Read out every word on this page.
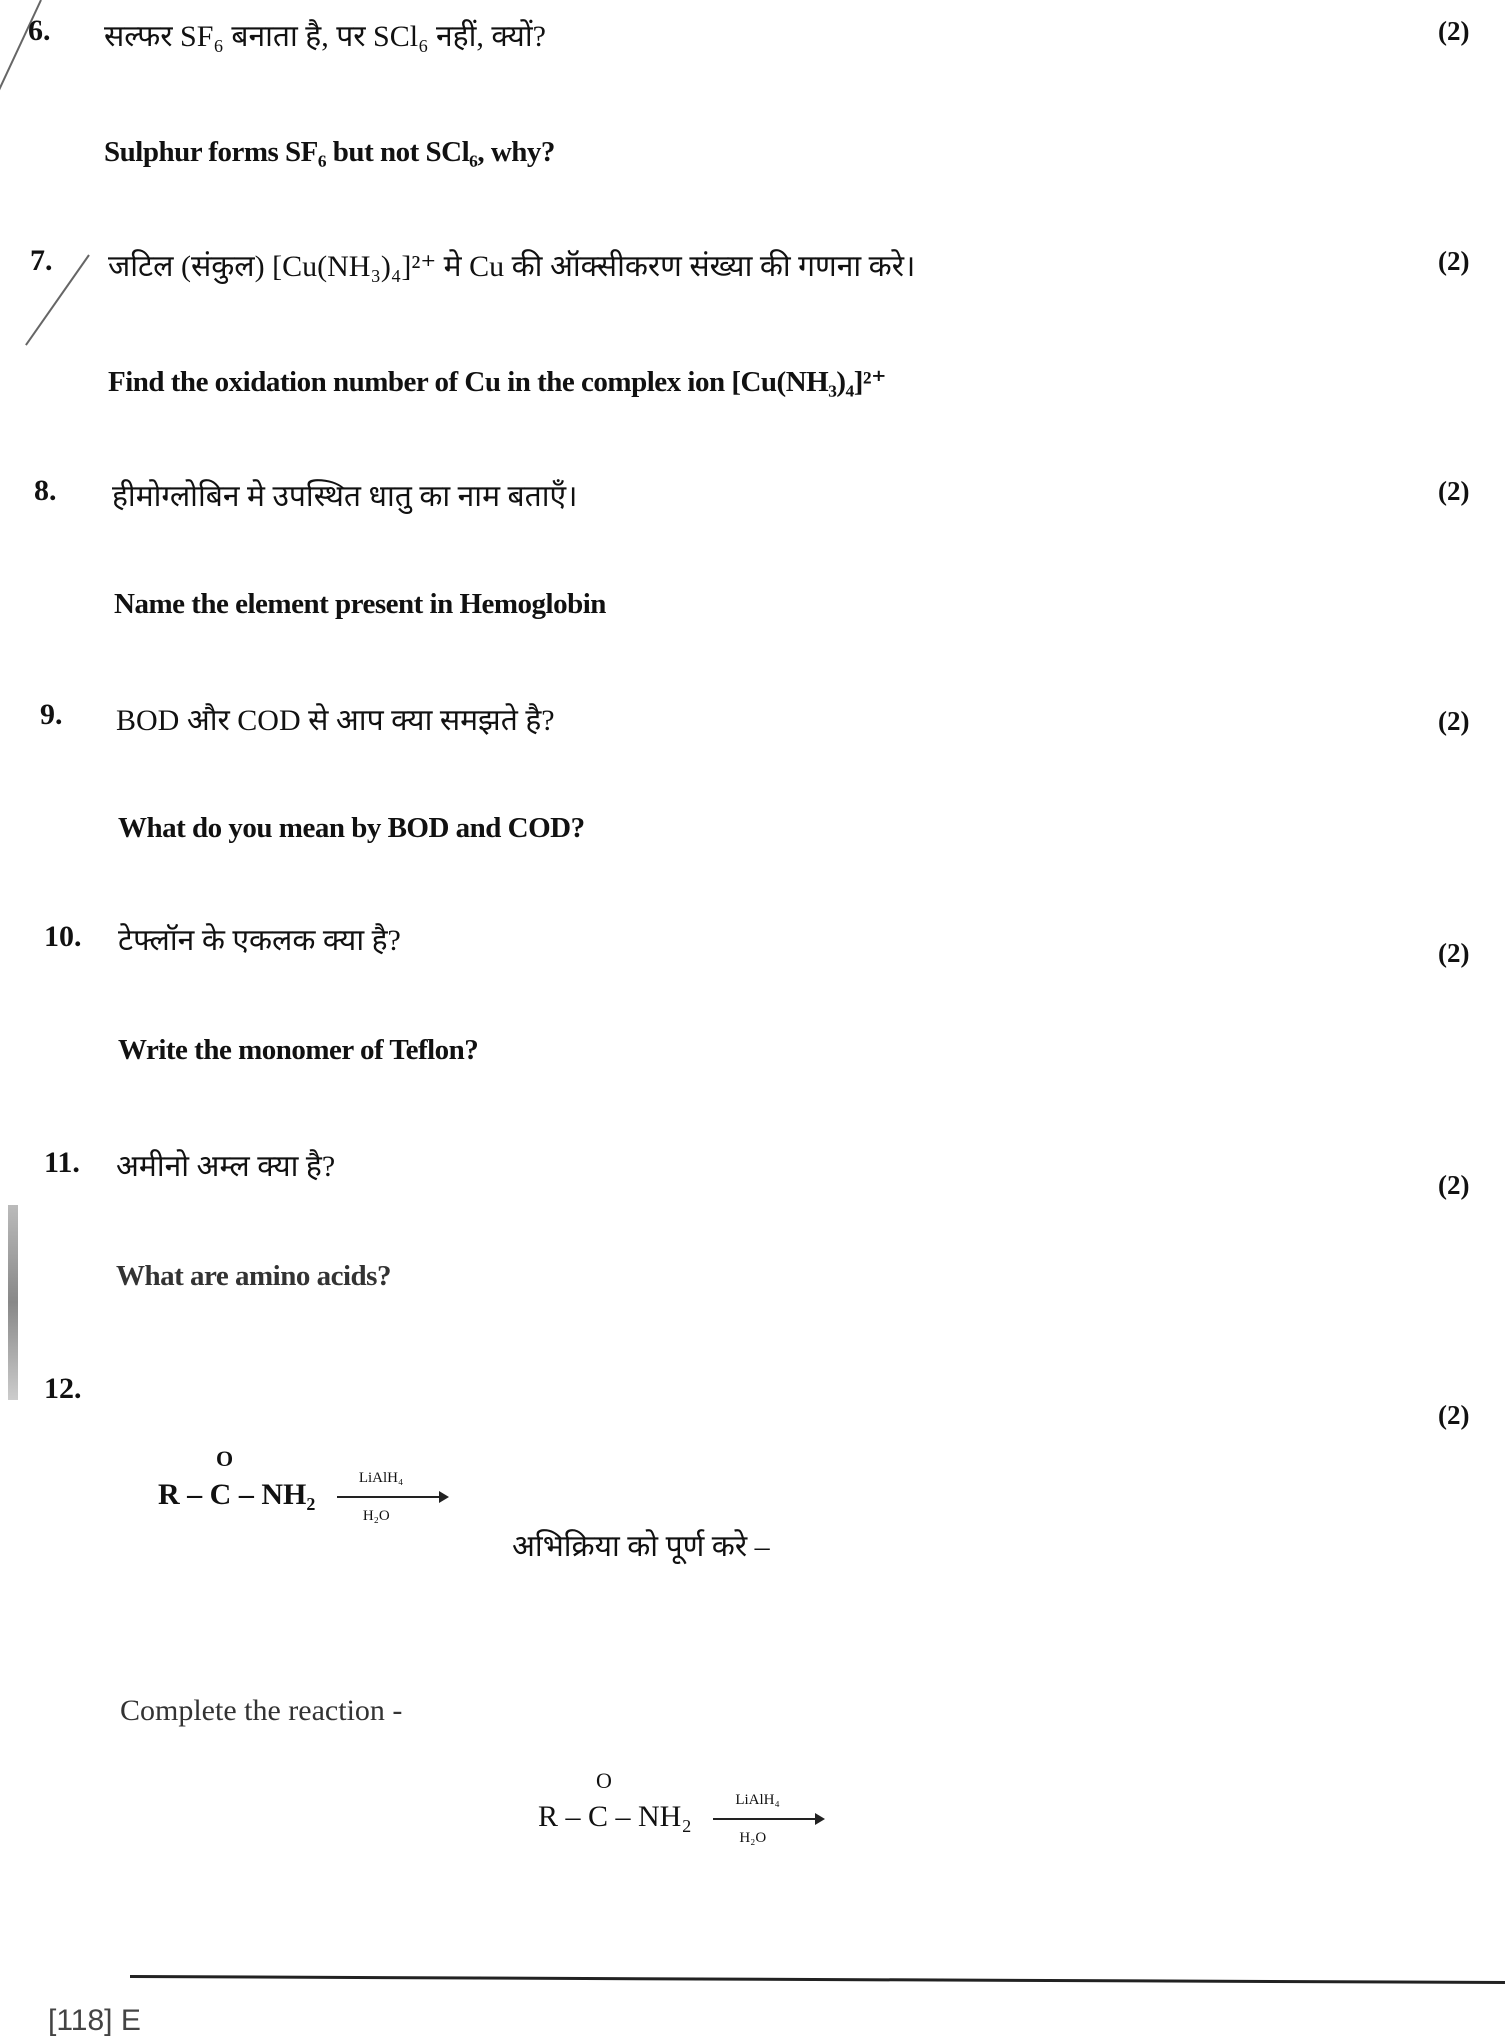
6. सल्फर SF₆ बनाता है, पर SCl₆ नहीं, क्यों?	(2)
Sulphur forms SF₆ but not SCl₆, why?
7. जटिल (संकुल) [Cu(NH₃)₄]²⁺ मे Cu की ऑक्सीकरण संख्या की गणना करे।	(2)
Find the oxidation number of Cu in the complex ion [Cu(NH₃)₄]²⁺
8. हीमोग्लोबिन मे उपस्थित धातु का नाम बताएँ।	(2)
Name the element present in Hemoglobin
9. BOD और COD से आप क्या समझते है?	(2)
What do you mean by BOD and COD?
10. टेफ्लॉन के एकलक क्या है?	(2)
Write the monomer of Teflon?
11. अमीनो अम्ल क्या है?
(2)
What are amino acids?
12.
(2)
O
R – C – NH₂	LiAlH₄
H₂O
अभिक्रिया को पूर्ण करे –
Complete the reaction -
O
R – C – NH₂	LiAlH₄
H₂O
[118] E
